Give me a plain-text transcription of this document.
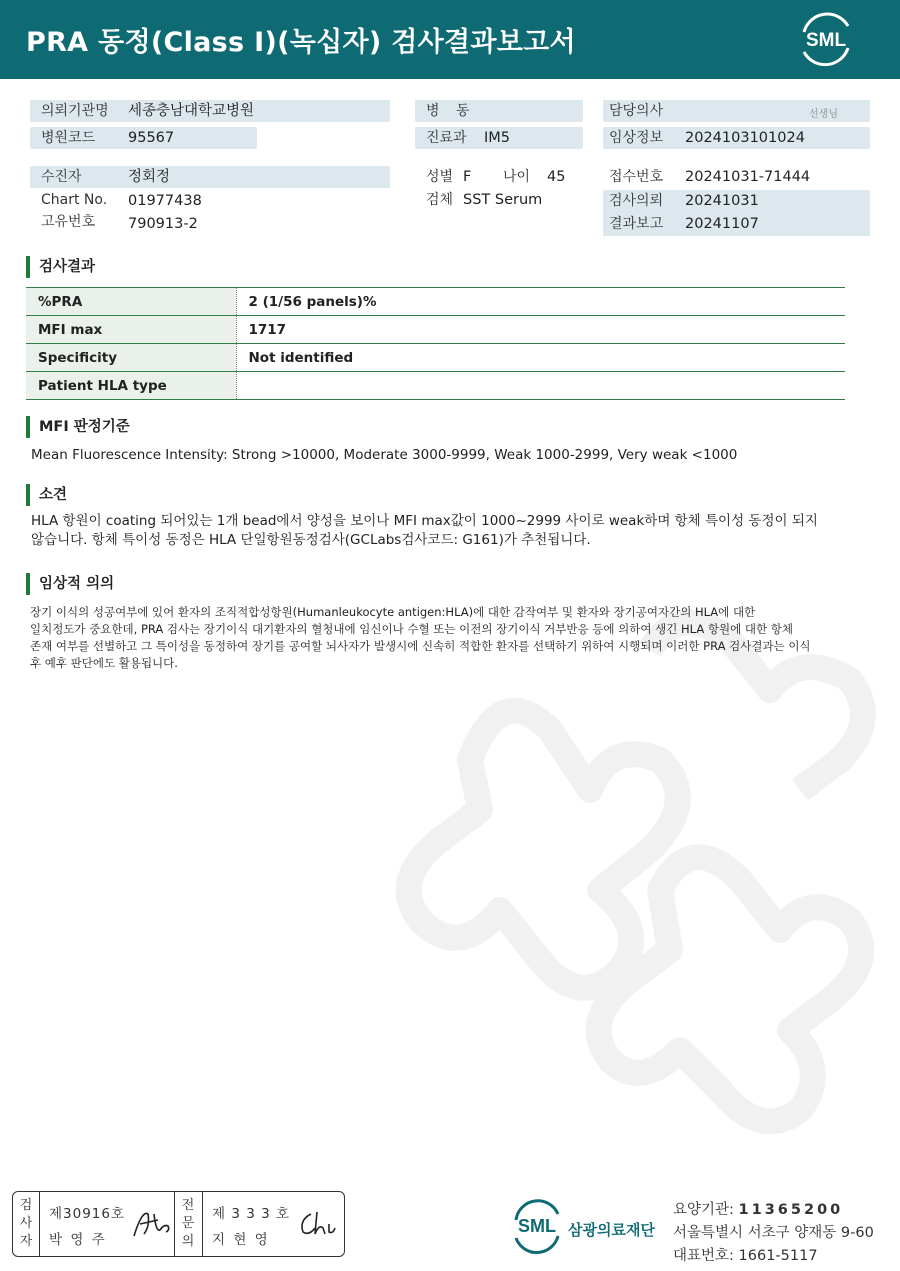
PRA 동정(Class I)(녹십자) 검사결과보고서	SML
의뢰기관명 세종충남대학교병원	병 동	담당의사	선생님
병원코드 95567	진료과 IM5	임상정보 2024103101024
수진자	정회정	성별 F 나이 45	접수번호 20241031-71444
Chart No. 01977438	검체 SST Serum	검사의뢰 20241031
고유번호 790913-2	결과보고 20241107
검사결과
%PRA	2 (1/56 panels)%
MFI max	1717
Specificity	Not identified
Patient HLA type	
MFI 판정기준
Mean Fluorescence Intensity: Strong >10000, Moderate 3000-9999, Weak 1000-2999, Very weak <1000
소견
HLA 항원이 coating 되어있는 1개 bead에서 양성을 보이나 MFI max값이 1000~2999 사이로 weak하며 항체 특이성 동정이 되지
않습니다. 항체 특이성 동정은 HLA 단일항원동정검사(GCLabs검사코드: G161)가 추천됩니다.
임상적 의의
장기 이식의 성공여부에 있어 환자의 조직적합성항원(Humanleukocyte antigen:HLA)에 대한 감작여부 및 환자와 장기공여자간의 HLA에 대한
일치정도가 중요한데, PRA 검사는 장기이식 대기환자의 혈청내에 임신이나 수혈 또는 이전의 장기이식 거부반응 등에 의하여 생긴 HLA 항원에 대한 항체
존재 여부를 선별하고 그 특이성을 동정하여 장기를 공여할 뇌사자가 발생시에 신속히 적합한 환자를 선택하기 위하여 시행되며 이러한 PRA 검사결과는 이식
후 예후 판단에도 활용됩니다.
검
사
자
제30916호
박 영 주
전
문
의
제 3 3 3 호
지 현 영
SML 삼광의료재단
요양기관: 11365200
서울특별시 서초구 양재동 9-60
대표번호: 1661-5117
